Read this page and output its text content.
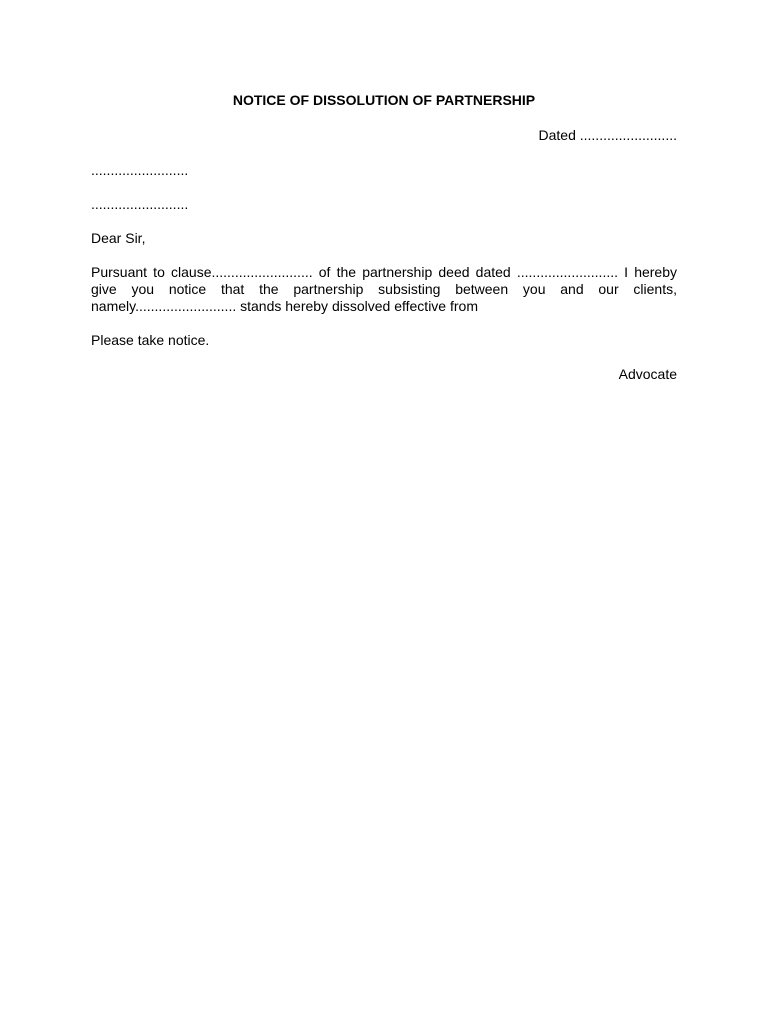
NOTICE OF DISSOLUTION OF PARTNERSHIP

Dated .........................

.........................

.........................

Dear Sir,

Pursuant to clause.......................... of the partnership deed dated .......................... I hereby give you notice that the partnership subsisting between you and our clients, namely.......................... stands hereby dissolved effective from

Please take notice.

Advocate
